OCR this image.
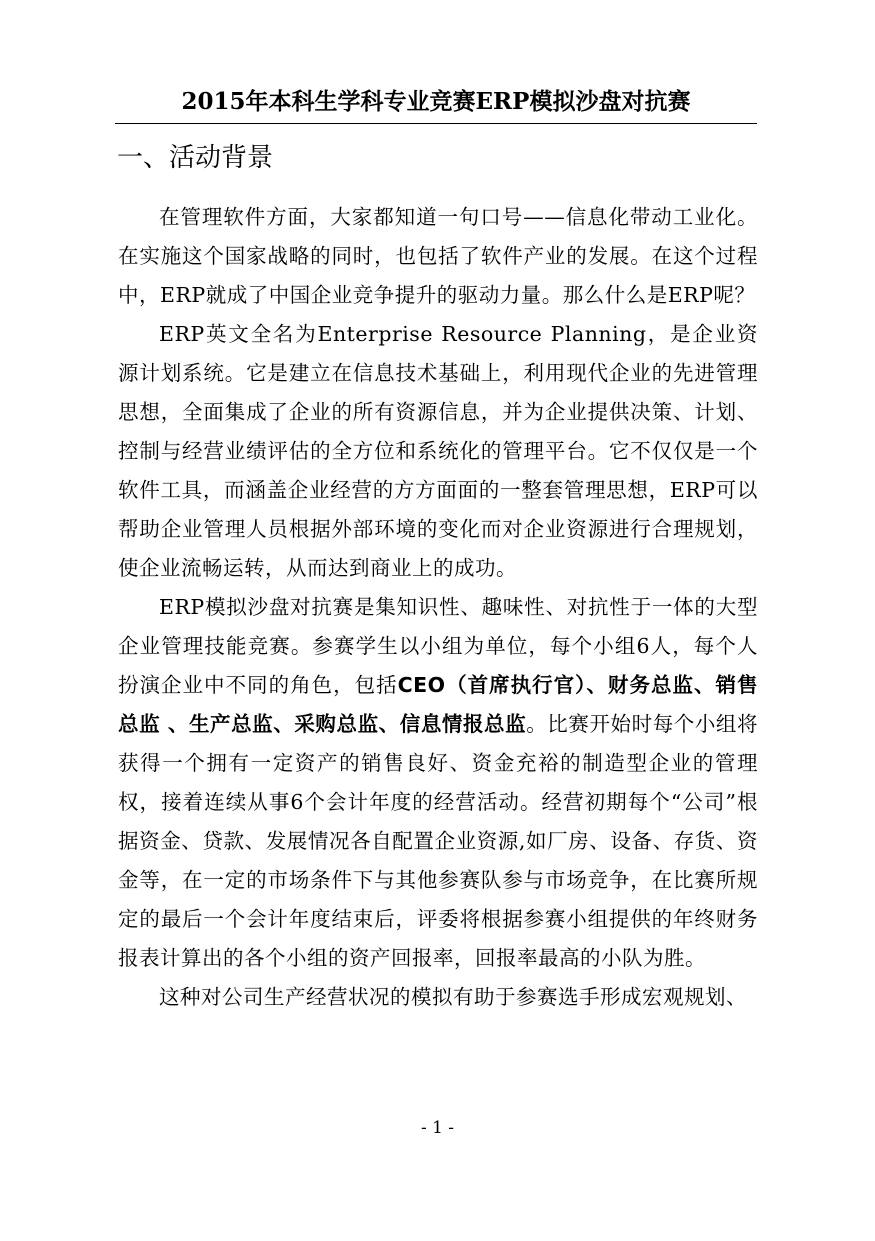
2015年本科生学科专业竞赛ERP模拟沙盘对抗赛
一、活动背景

在管理软件方面，大家都知道一句口号——信息化带动工业化。在实施这个国家战略的同时，也包括了软件产业的发展。在这个过程中，ERP就成了中国企业竞争提升的驱动力量。那么什么是ERP呢？

ERP英文全名为Enterprise Resource Planning，是企业资源计划系统。它是建立在信息技术基础上，利用现代企业的先进管理思想，全面集成了企业的所有资源信息，并为企业提供决策、计划、控制与经营业绩评估的全方位和系统化的管理平台。它不仅仅是一个软件工具，而涵盖企业经营的方方面面的一整套管理思想，ERP可以帮助企业管理人员根据外部环境的变化而对企业资源进行合理规划，使企业流畅运转，从而达到商业上的成功。

ERP模拟沙盘对抗赛是集知识性、趣味性、对抗性于一体的大型企业管理技能竞赛。参赛学生以小组为单位，每个小组6人，每个人扮演企业中不同的角色，包括CEO（首席执行官）、财务总监、销售总监 、生产总监、采购总监、信息情报总监。比赛开始时每个小组将获得一个拥有一定资产的销售良好、资金充裕的制造型企业的管理权，接着连续从事6个会计年度的经营活动。经营初期每个“公司”根据资金、贷款、发展情况各自配置企业资源,如厂房、设备、存货、资金等，在一定的市场条件下与其他参赛队参与市场竞争，在比赛所规定的最后一个会计年度结束后，评委将根据参赛小组提供的年终财务报表计算出的各个小组的资产回报率，回报率最高的小队为胜。

这种对公司生产经营状况的模拟有助于参赛选手形成宏观规划、

- 1 -
